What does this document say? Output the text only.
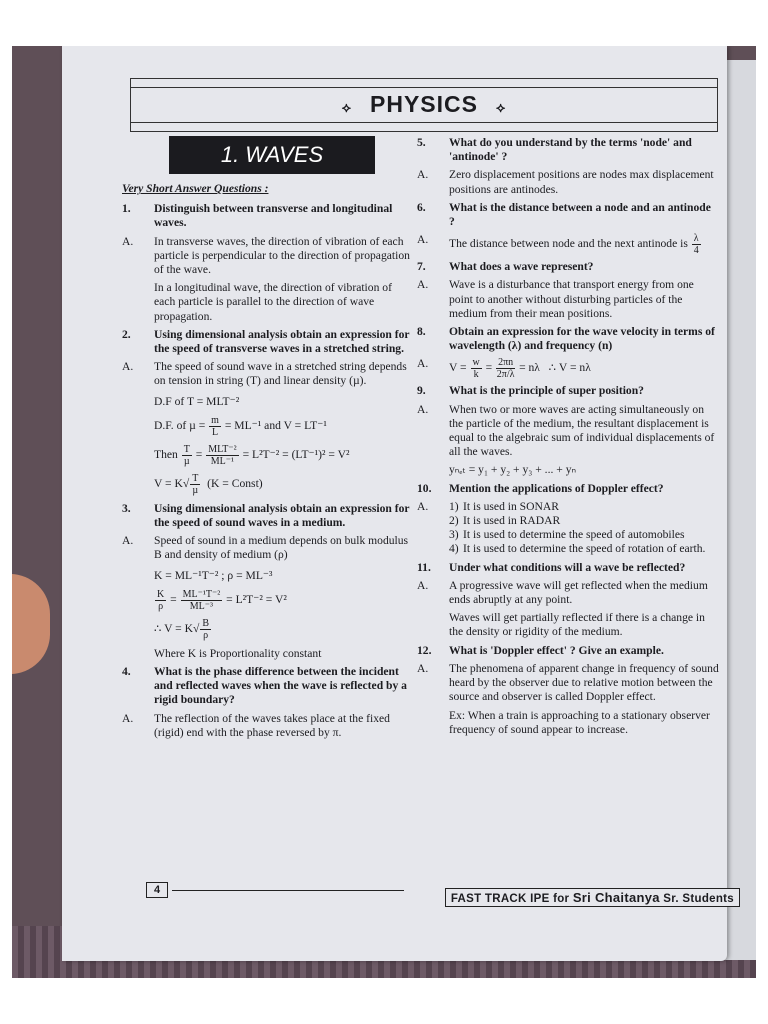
⟡ PHYSICS ⟡
1. WAVES
Very Short Answer Questions :
1.	Distinguish between transverse and longitudinal waves.
A.	In transverse waves, the direction of vibration of each particle is perpendicular to the direction of propagation of the wave.
In a longitudinal wave, the direction of vibration of each particle is parallel to the direction of wave propagation.
2.	Using dimensional analysis obtain an expression for the speed of transverse waves in a stretched string.
A.	The speed of sound wave in a stretched string depends on tension in string (T) and linear density (µ).
D.F of T = MLT⁻²
D.F. of $\mu = \frac{m}{L} = ML^{-1}$ and V = LT⁻¹
Then $\frac{T}{\text{µ}} = \frac{\text{MLT⁻²}}{\text{ML⁻¹}} = L^2T^{-2} = (LT^{-1})^2 = V^2$
$V = K√ \frac{T}{\text{µ}} (K$ = Const)
3.	Using dimensional analysis obtain an expression for the speed of sound waves in a medium.
A.	Speed of sound in a medium depends on bulk modulus B and density of medium (ρ)
K = ML⁻¹T⁻² ; ρ = ML⁻³
$\frac{K}{\rho} = \frac{\text{ML⁻¹T⁻²}}{\text{ML⁻³}} = L^2T^{-2} = V^2$
∴ $V = K√ \frac{B}{\rho}$
Where K is Proportionality constant
4.	What is the phase difference between the incident and reflected waves when the wave is reflected by a rigid boundary?
A.	The reflection of the waves takes place at the fixed (rigid) end with the phase reversed by π.
5.	What do you understand by the terms 'node' and 'antinode' ?
A.	Zero displacement positions are nodes max displacement positions are antinodes.
6.	What is the distance between a node and an antinode ?
A.	The distance between node and the next antinode is $\frac{\lambda}{4}$
7.	What does a wave represent?
A.	Wave is a disturbance that transport energy from one point to another without disturbing particles of the medium from their mean positions.
8.	Obtain an expression for the wave velocity in terms of wavelength (λ) and frequency (n)
A.	$V = \frac{w}{k} = \frac{2\pi n}{2\pi/\lambda} = n\lambda$ ∴ V = nλ
9.	What is the principle of super position?
A.	When two or more waves are acting simultaneously on the particle of the medium, the resultant displacement is equal to the algebraic sum of individual displacements of all the waves.
yₙₑₜ = y₁ + y₂ + y₃ + ... + yₙ
10.	Mention the applications of Doppler effect?
A. 1) It is used in SONAR
2) It is used in RADAR
3) It is used to determine the speed of automobiles
4) It is used to determine the speed of rotation of earth.
11.	Under what conditions will a wave be reflected?
A.	A progressive wave will get reflected when the medium ends abruptly at any point.
Waves will get partially reflected if there is a change in the density or rigidity of the medium.
12.	What is 'Doppler effect' ? Give an example.
A.	The phenomena of apparent change in frequency of sound heard by the observer due to relative motion between the source and observer is called Doppler effect.
Ex: When a train is approaching to a stationary observer frequency of sound appear to increase.
4
FAST TRACK IPE for Sri Chaitanya Sr. Students
